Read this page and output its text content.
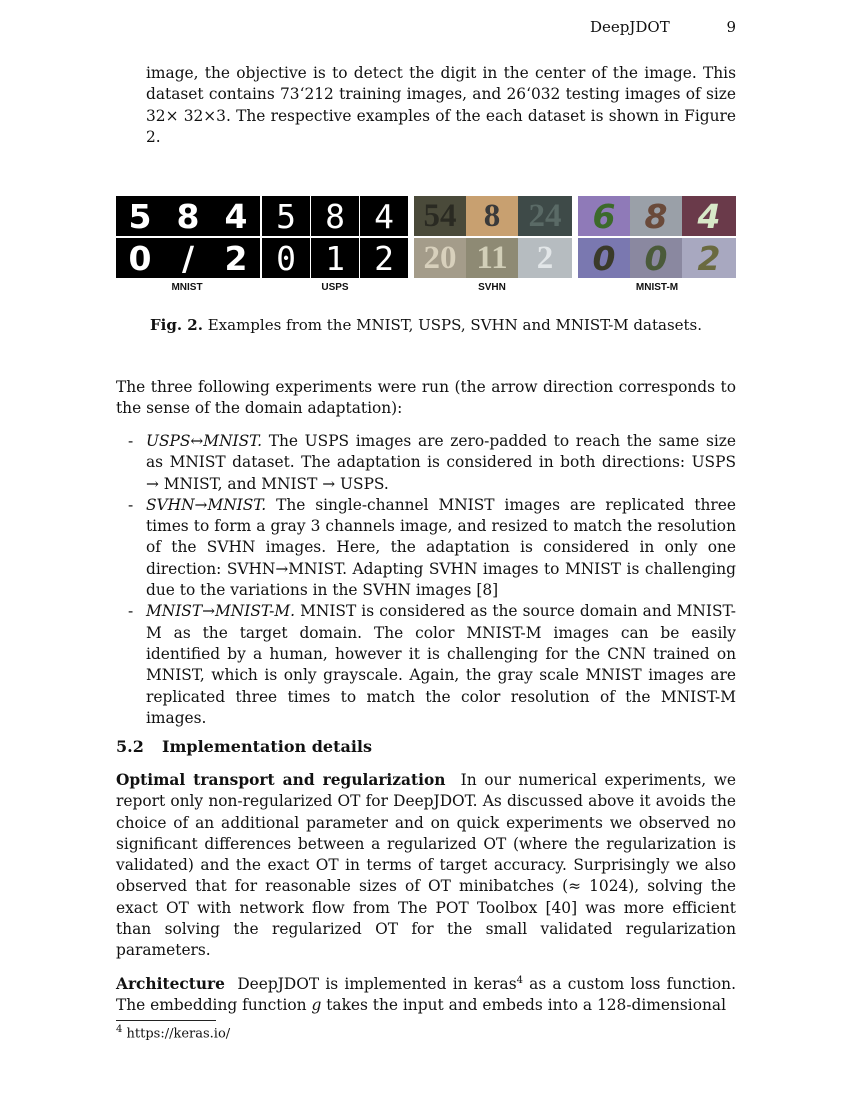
DeepJDOT	9

image, the objective is to detect the digit in the center of the image. This dataset contains 73‘212 training images, and 26‘032 testing images of size 32× 32×3. The respective examples of the each dataset is shown in Figure 2.

5 8 4
0 / 2
5 8 4
0 1 2
54 8 24
20 11 2
6 8 4
0 0 2
MNIST	USPS	SVHN	MNIST-M
Fig. 2. Examples from the MNIST, USPS, SVHN and MNIST-M datasets.

The three following experiments were run (the arrow direction corresponds to the sense of the domain adaptation):

- USPS↔MNIST. The USPS images are zero-padded to reach the same size as MNIST dataset. The adaptation is considered in both directions: USPS → MNIST, and MNIST → USPS.
- SVHN→MNIST. The single-channel MNIST images are replicated three times to form a gray 3 channels image, and resized to match the resolution of the SVHN images. Here, the adaptation is considered in only one direction: SVHN→MNIST. Adapting SVHN images to MNIST is challenging due to the variations in the SVHN images [8]
- MNIST→MNIST-M. MNIST is considered as the source domain and MNIST-M as the target domain. The color MNIST-M images can be easily identified by a human, however it is challenging for the CNN trained on MNIST, which is only grayscale. Again, the gray scale MNIST images are replicated three times to match the color resolution of the MNIST-M images.
5.2 Implementation details

Optimal transport and regularization In our numerical experiments, we report only non-regularized OT for DeepJDOT. As discussed above it avoids the choice of an additional parameter and on quick experiments we observed no significant differences between a regularized OT (where the regularization is validated) and the exact OT in terms of target accuracy. Surprisingly we also observed that for reasonable sizes of OT minibatches (≈ 1024), solving the exact OT with network flow from The POT Toolbox [40] was more efficient than solving the regularized OT for the small validated regularization parameters.

Architecture DeepJDOT is implemented in keras$^4$ as a custom loss function. The embedding function g takes the input and embeds into a 128-dimensional

$^4$ https://keras.io/
